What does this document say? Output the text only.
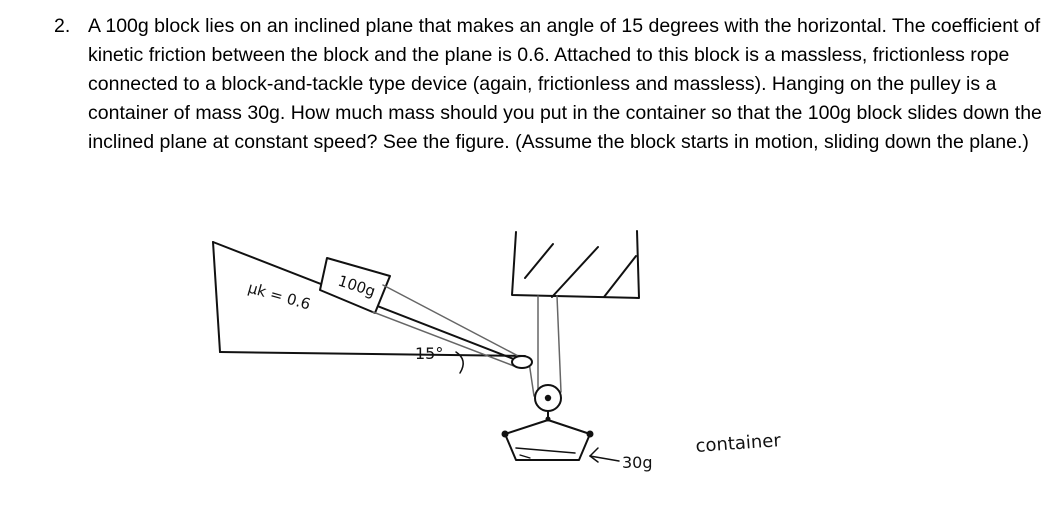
2. A 100g block lies on an inclined plane that makes an angle of 15 degrees with the horizontal. The coefficient of kinetic friction between the block and the plane is 0.6. Attached to this block is a massless, frictionless rope connected to a block-and-tackle type device (again, frictionless and massless). Hanging on the pulley is a container of mass 30g. How much mass should you put in the container so that the 100g block slides down the inclined plane at constant speed? See the figure. (Assume the block starts in motion, sliding down the plane.)
100g
μk = 0.6
15°
30g
container
